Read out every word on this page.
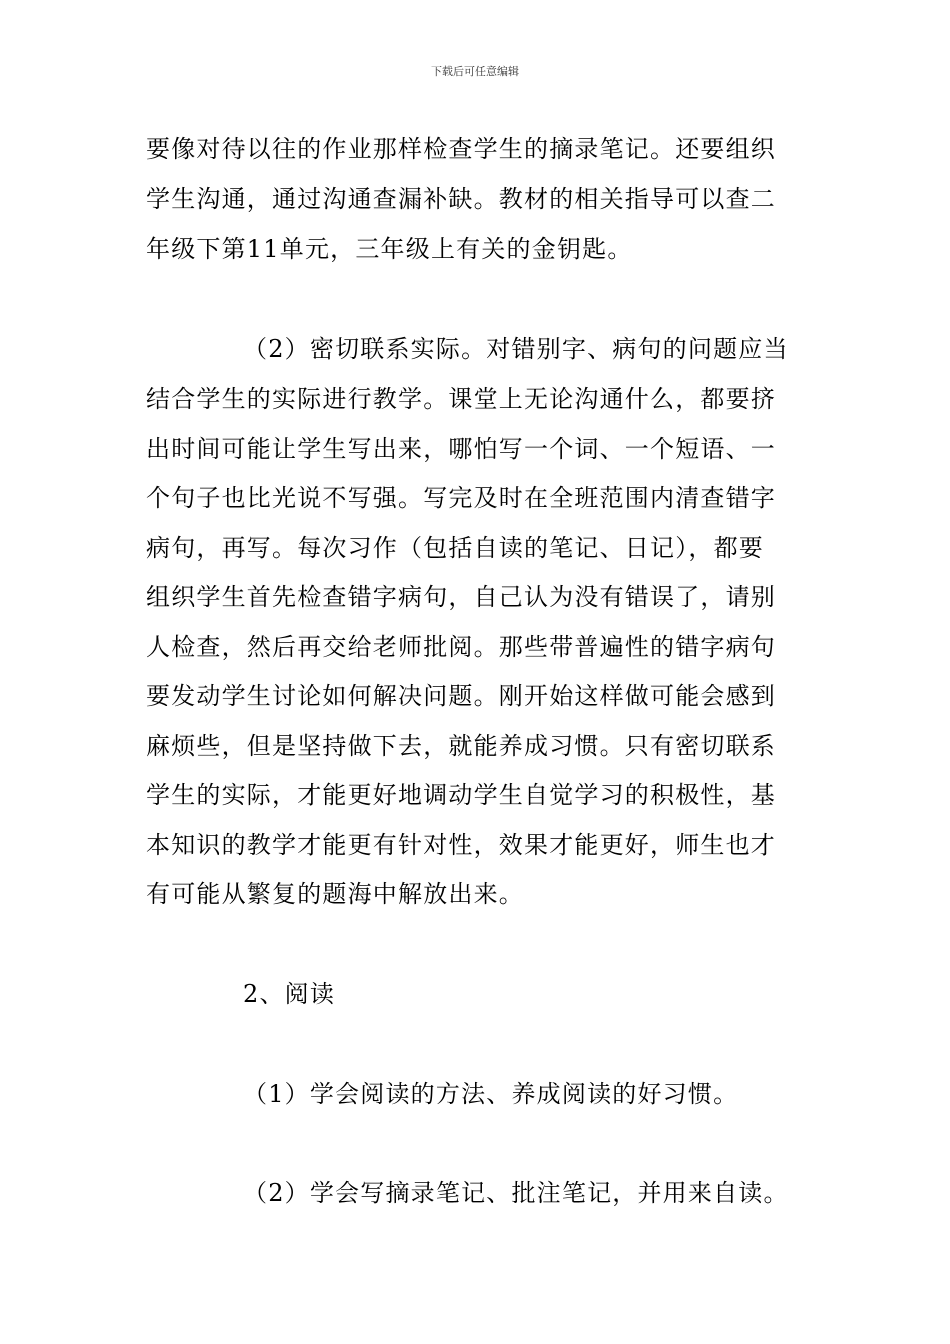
下载后可任意编辑
要像对待以往的作业那样检查学生的摘录笔记。还要组织
学生沟通，通过沟通查漏补缺。教材的相关指导可以查二
年级下第11单元，三年级上有关的金钥匙。
（2）密切联系实际。对错别字、病句的问题应当
结合学生的实际进行教学。课堂上无论沟通什么，都要挤
出时间可能让学生写出来，哪怕写一个词、一个短语、一
个句子也比光说不写强。写完及时在全班范围内清查错字
病句，再写。每次习作（包括自读的笔记、日记），都要
组织学生首先检查错字病句，自己认为没有错误了，请别
人检查，然后再交给老师批阅。那些带普遍性的错字病句
要发动学生讨论如何解决问题。刚开始这样做可能会感到
麻烦些，但是坚持做下去，就能养成习惯。只有密切联系
学生的实际，才能更好地调动学生自觉学习的积极性，基
本知识的教学才能更有针对性，效果才能更好，师生也才
有可能从繁复的题海中解放出来。
2、阅读
（1）学会阅读的方法、养成阅读的好习惯。
（2）学会写摘录笔记、批注笔记，并用来自读。
